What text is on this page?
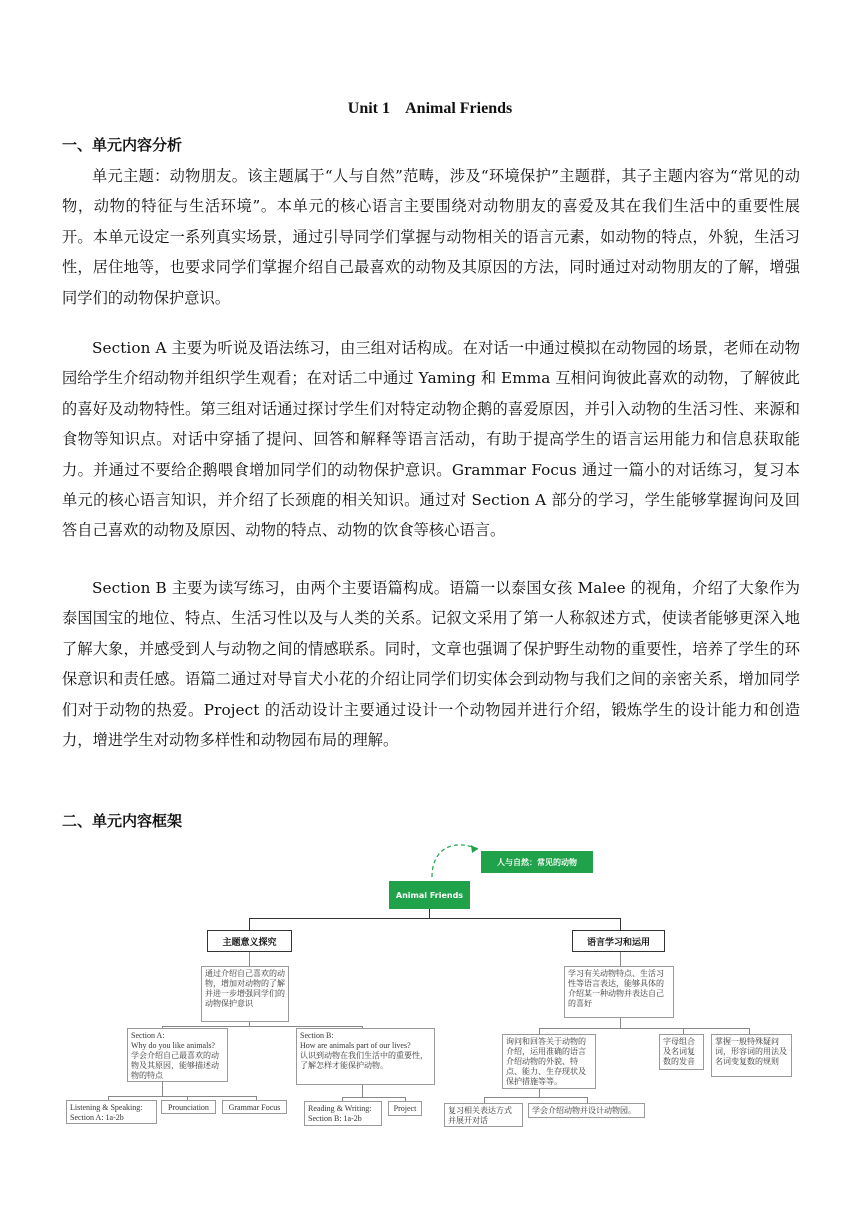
Unit 1    Animal Friends
一、单元内容分析

单元主题：动物朋友。该主题属于“人与自然”范畴，涉及“环境保护”主题群，其子主题内容为“常见的动物，动物的特征与生活环境”。本单元的核心语言主要围绕对动物朋友的喜爱及其在我们生活中的重要性展开。本单元设定一系列真实场景，通过引导同学们掌握与动物相关的语言元素，如动物的特点，外貌，生活习性，居住地等，也要求同学们掌握介绍自己最喜欢的动物及其原因的方法，同时通过对动物朋友的了解，增强同学们的动物保护意识。

Section A 主要为听说及语法练习，由三组对话构成。在对话一中通过模拟在动物园的场景，老师在动物园给学生介绍动物并组织学生观看；在对话二中通过 Yaming 和 Emma 互相问询彼此喜欢的动物，了解彼此的喜好及动物特性。第三组对话通过探讨学生们对特定动物企鹅的喜爱原因，并引入动物的生活习性、来源和食物等知识点。对话中穿插了提问、回答和解释等语言活动，有助于提高学生的语言运用能力和信息获取能力。并通过不要给企鹅喂食增加同学们的动物保护意识。Grammar Focus 通过一篇小的对话练习，复习本单元的核心语言知识，并介绍了长颈鹿的相关知识。通过对 Section A 部分的学习，学生能够掌握询问及回答自己喜欢的动物及原因、动物的特点、动物的饮食等核心语言。

Section B 主要为读写练习，由两个主要语篇构成。语篇一以泰国女孩 Malee 的视角，介绍了大象作为泰国国宝的地位、特点、生活习性以及与人类的关系。记叙文采用了第一人称叙述方式，使读者能够更深入地了解大象，并感受到人与动物之间的情感联系。同时，文章也强调了保护野生动物的重要性，培养了学生的环保意识和责任感。语篇二通过对导盲犬小花的介绍让同学们切实体会到动物与我们之间的亲密关系，增加同学们对于动物的热爱。Project 的活动设计主要通过设计一个动物园并进行介绍，锻炼学生的设计能力和创造力，增进学生对动物多样性和动物园布局的理解。

二、单元内容框架
人与自然：常见的动物
Animal Friends
主题意义探究	语言学习和运用
通过介绍自己喜欢的动物，增加对动物的了解并进一步增强同学们的动物保护意识
学习有关动物特点、生活习性等语言表达，能够具体的介绍某一种动物并表达自己的喜好
Section A:
Why do you like animals?
学会介绍自己最喜欢的动物及其原因，能够描述动物的特点
Section B:
How are animals part of our lives?
认识到动物在我们生活中的重要性，了解怎样才能保护动物。
Listening & Speaking: Section A: 1a-2b
Prounciation	Grammar Focus	Reading & Writing: Section B: 1a-2b
Project
询问和回答关于动物的介绍，运用准确的语言介绍动物的外貌、特点、能力、生存现状及保护措施等等。
字母组合及名词复数的发音
掌握一般特殊疑问词，形容词的用法及名词变复数的规则
复习相关表达方式并展开对话
学会介绍动物并设计动物园。
